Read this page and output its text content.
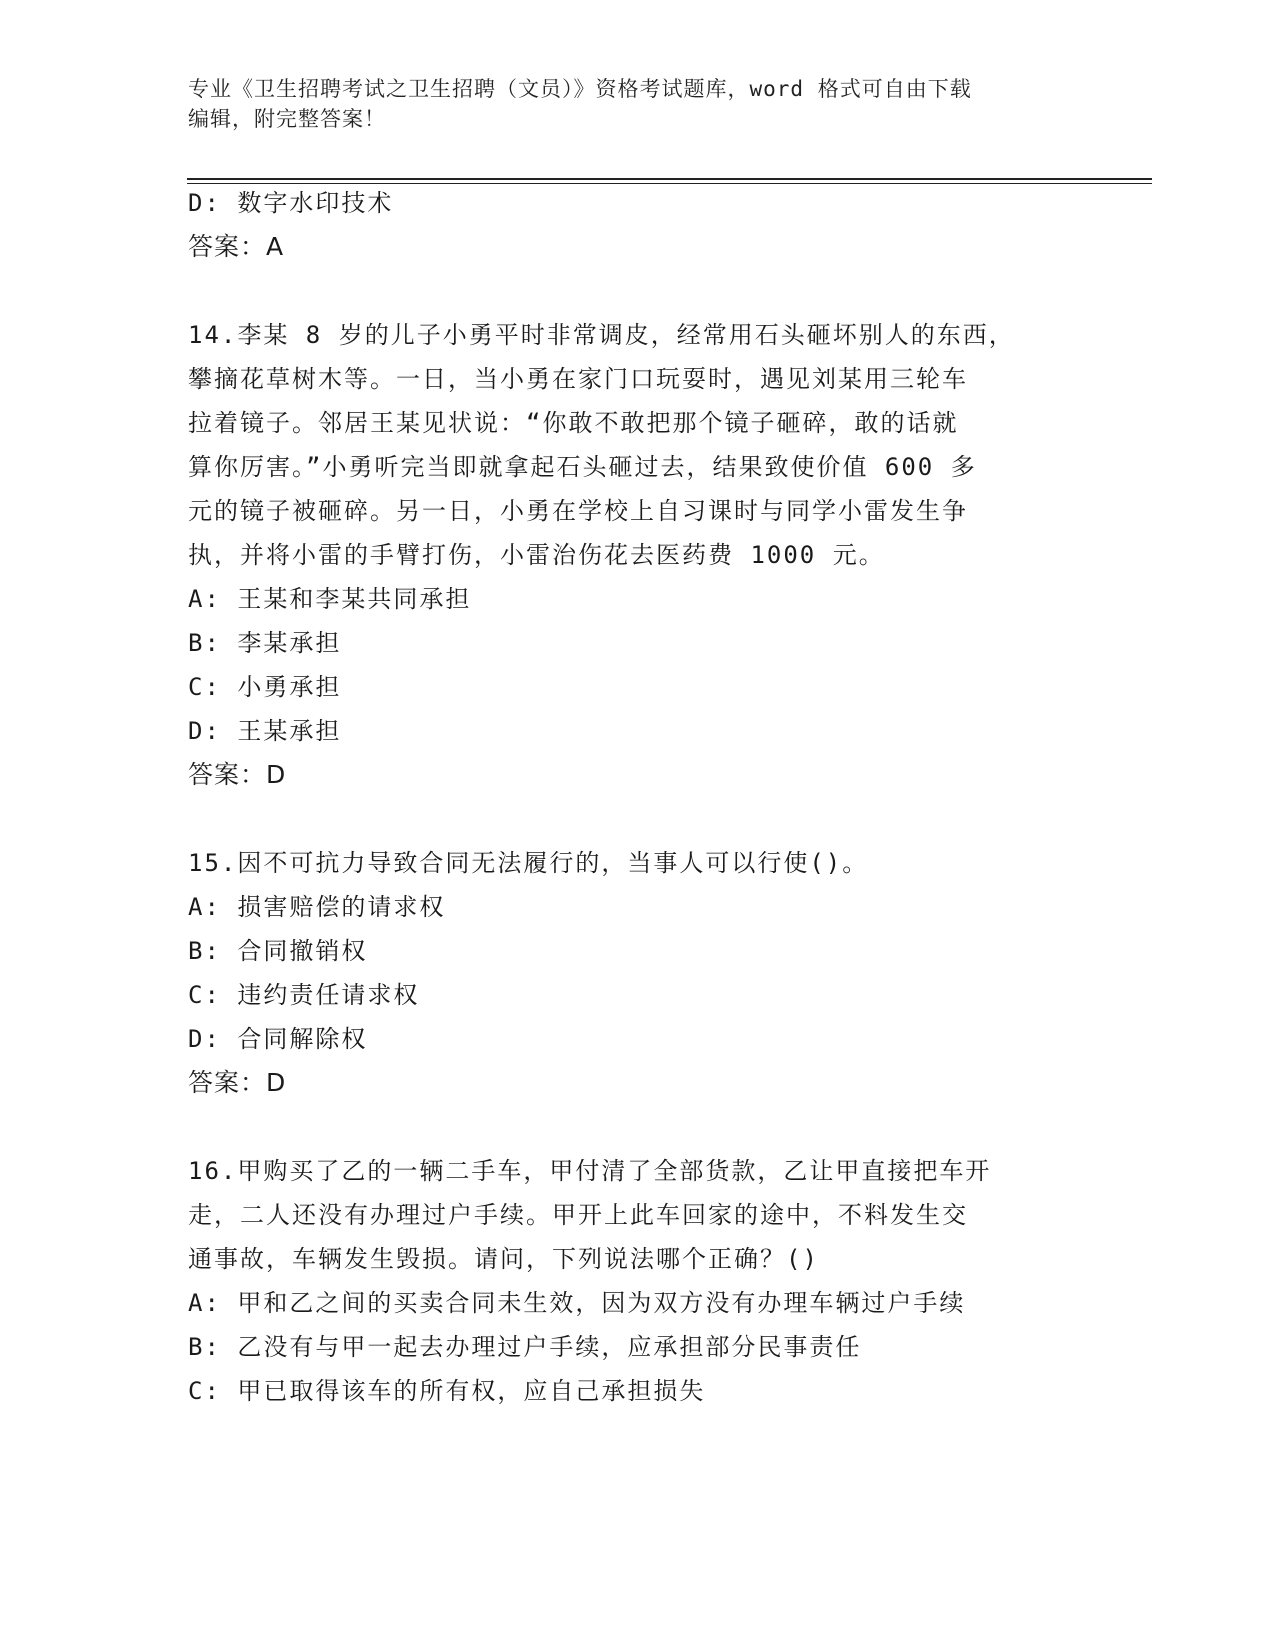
专业《卫生招聘考试之卫生招聘（文员）》资格考试题库，word 格式可自由下载
编辑，附完整答案！
D: 数字水印技术
答案：A
14.李某 8 岁的儿子小勇平时非常调皮，经常用石头砸坏别人的东西，
攀摘花草树木等。一日，当小勇在家门口玩耍时，遇见刘某用三轮车
拉着镜子。邻居王某见状说：“你敢不敢把那个镜子砸碎，敢的话就
算你厉害。”小勇听完当即就拿起石头砸过去，结果致使价值 600 多
元的镜子被砸碎。另一日，小勇在学校上自习课时与同学小雷发生争
执，并将小雷的手臂打伤，小雷治伤花去医药费 1000 元。
A: 王某和李某共同承担
B: 李某承担
C: 小勇承担
D: 王某承担
答案：D
15.因不可抗力导致合同无法履行的，当事人可以行使()。
A: 损害赔偿的请求权
B: 合同撤销权
C: 违约责任请求权
D: 合同解除权
答案：D
16.甲购买了乙的一辆二手车，甲付清了全部货款，乙让甲直接把车开
走，二人还没有办理过户手续。甲开上此车回家的途中，不料发生交
通事故，车辆发生毁损。请问，下列说法哪个正确？()
A: 甲和乙之间的买卖合同未生效，因为双方没有办理车辆过户手续
B: 乙没有与甲一起去办理过户手续，应承担部分民事责任
C: 甲已取得该车的所有权，应自己承担损失
